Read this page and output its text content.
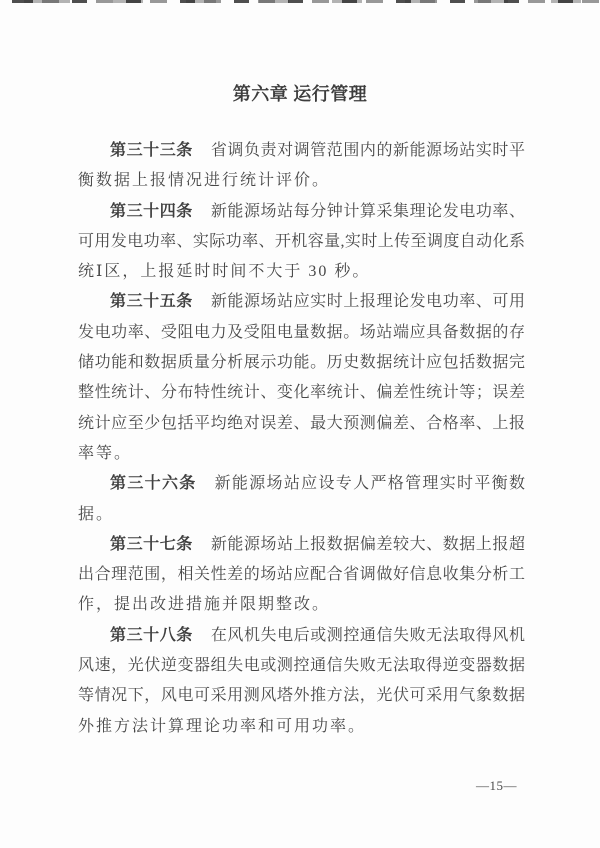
第六章 运行管理
第三十三条 省调负责对调管范围内的新能源场站实时平
衡数据上报情况进行统计评价。
第三十四条 新能源场站每分钟计算采集理论发电功率、
可用发电功率、实际功率、开机容量,实时上传至调度自动化系
统Ⅰ区，上报延时时间不大于 30 秒。
第三十五条 新能源场站应实时上报理论发电功率、可用
发电功率、受阻电力及受阻电量数据。场站端应具备数据的存
储功能和数据质量分析展示功能。历史数据统计应包括数据完
整性统计、分布特性统计、变化率统计、偏差性统计等；误差
统计应至少包括平均绝对误差、最大预测偏差、合格率、上报
率等。
第三十六条 新能源场站应设专人严格管理实时平衡数
据。
第三十七条 新能源场站上报数据偏差较大、数据上报超
出合理范围，相关性差的场站应配合省调做好信息收集分析工
作，提出改进措施并限期整改。
第三十八条 在风机失电后或测控通信失败无法取得风机
风速，光伏逆变器组失电或测控通信失败无法取得逆变器数据
等情况下，风电可采用测风塔外推方法，光伏可采用气象数据
外推方法计算理论功率和可用功率。
—15—
